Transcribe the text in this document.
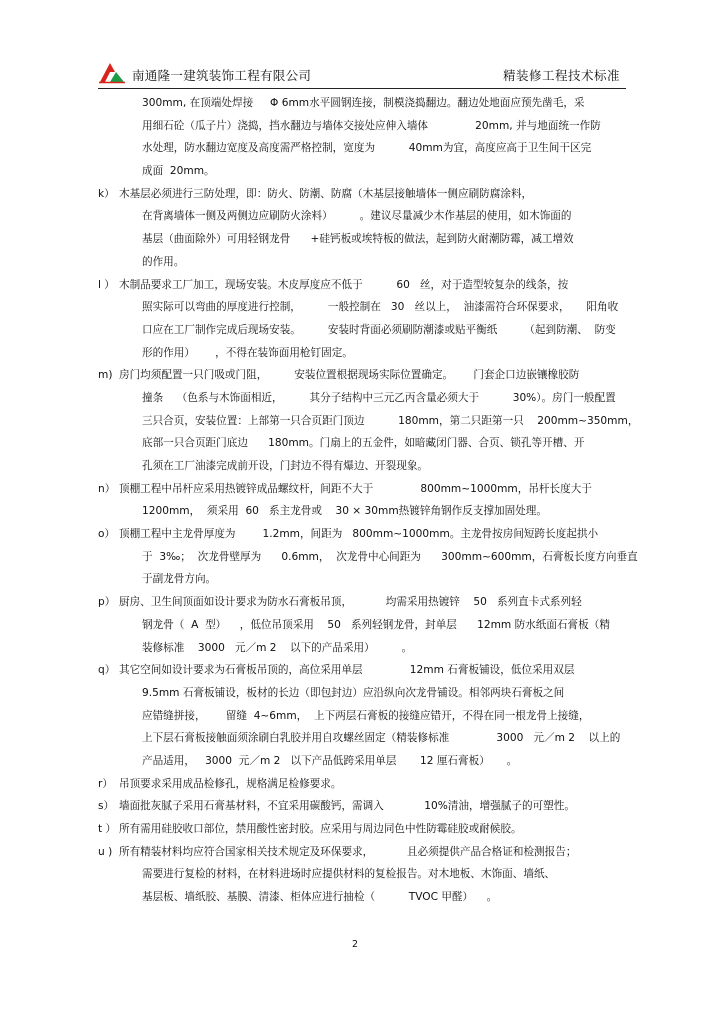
南通隆一建筑装饰工程有限公司	精装修工程技术标准
300mm, 在顶端处焊接     Φ 6mm水平圆钢连接，制模浇捣翻边。翻边处地面应预先凿毛，采
用细石砼（瓜子片）浇捣，挡水翻边与墙体交接处应伸入墙体              20mm, 并与地面统一作防
水处理，防水翻边宽度及高度需严格控制，宽度为          40mm为宜，高度应高于卫生间干区完
成面  20mm。
k） 木基层必须进行三防处理，即：防火、防潮、防腐（木基层接触墙体一侧应刷防腐涂料，
在背离墙体一侧及两侧边应刷防火涂料）        。建议尽量减少木作基层的使用，如木饰面的
基层（曲面除外）可用轻钢龙骨      +硅钙板或埃特板的做法，起到防火耐潮防霉，减工增效
的作用。
l ） 木制品要求工厂加工，现场安装。木皮厚度应不低于          60   丝，对于造型较复杂的线条，按
照实际可以弯曲的厚度进行控制，        一般控制在   30   丝以上，  油漆需符合环保要求，     阳角收
口应在工厂制作完成后现场安装。        安装时背面必须刷防潮漆或贴平衡纸        （起到防潮、  防变
形的作用）      ，不得在装饰面用枪钉固定。
m) 房门均须配置一只门吸或门阻，        安装位置根据现场实际位置确定。      门套企口边嵌镶橡胶防
撞条    （色系与木饰面相近，        其分子结构中三元乙丙含量必须大于          30%）。房门一般配置
三只合页，安装位置：上部第一只合页距门顶边          180mm，第二只距第一只    200mm~350mm，
底部一只合页距门底边      180mm。门扇上的五金件，如暗藏闭门器、合页、锁孔等开槽、开
孔须在工厂油漆完成前开设，门封边不得有爆边、开裂现象。
n） 顶棚工程中吊杆应采用热镀锌成品螺纹杆，间距不大于              800mm~1000mm，吊杆长度大于
1200mm，  须采用  60   系主龙骨或    30 × 30mm热镀锌角钢作反支撑加固处理。
o） 顶棚工程中主龙骨厚度为        1.2mm，间距为   800mm~1000mm。主龙骨按房间短跨长度起拱小
于  3‰；  次龙骨壁厚为      0.6mm，  次龙骨中心间距为      300mm~600mm，石膏板长度方向垂直
于副龙骨方向。
p） 厨房、卫生间顶面如设计要求为防水石膏板吊顶，          均需采用热镀锌    50   系列直卡式系列轻
钢龙骨（  A  型）    ，低位吊顶采用    50   系列轻钢龙骨，封单层      12mm 防水纸面石膏板（精
装修标准    3000   元／m 2    以下的产品采用）        。
q） 其它空间如设计要求为石膏板吊顶的，高位采用单层              12mm 石膏板铺设，低位采用双层
9.5mm 石膏板铺设，板材的长边（即包封边）应沿纵向次龙骨铺设。相邻两块石膏板之间
应错缝拼接，      留缝  4~6mm，  上下两层石膏板的接缝应错开，不得在同一根龙骨上接缝，
上下层石膏板接触面须涂刷白乳胶并用自攻螺丝固定（精装修标准              3000   元／m 2    以上的
产品适用，   3000  元／m 2   以下产品低跨采用单层       12 厘石膏板）     。
r） 吊顶要求采用成品检修孔，规格满足检修要求。
s） 墙面批灰腻子采用石膏基材料，不宜采用碳酸钙，需调入            10%清油，增强腻子的可塑性。
t ） 所有需用硅胶收口部位，禁用酸性密封胶。应采用与周边同色中性防霉硅胶或耐候胶。
u ) 所有精装材料均应符合国家相关技术规定及环保要求，          且必须提供产品合格证和检测报告；
需要进行复检的材料，在材料进场时应提供材料的复检报告。对木地板、木饰面、墙纸、
基层板、墙纸胶、基膜、清漆、柜体应进行抽检（          TVOC 甲醛）    。
2
